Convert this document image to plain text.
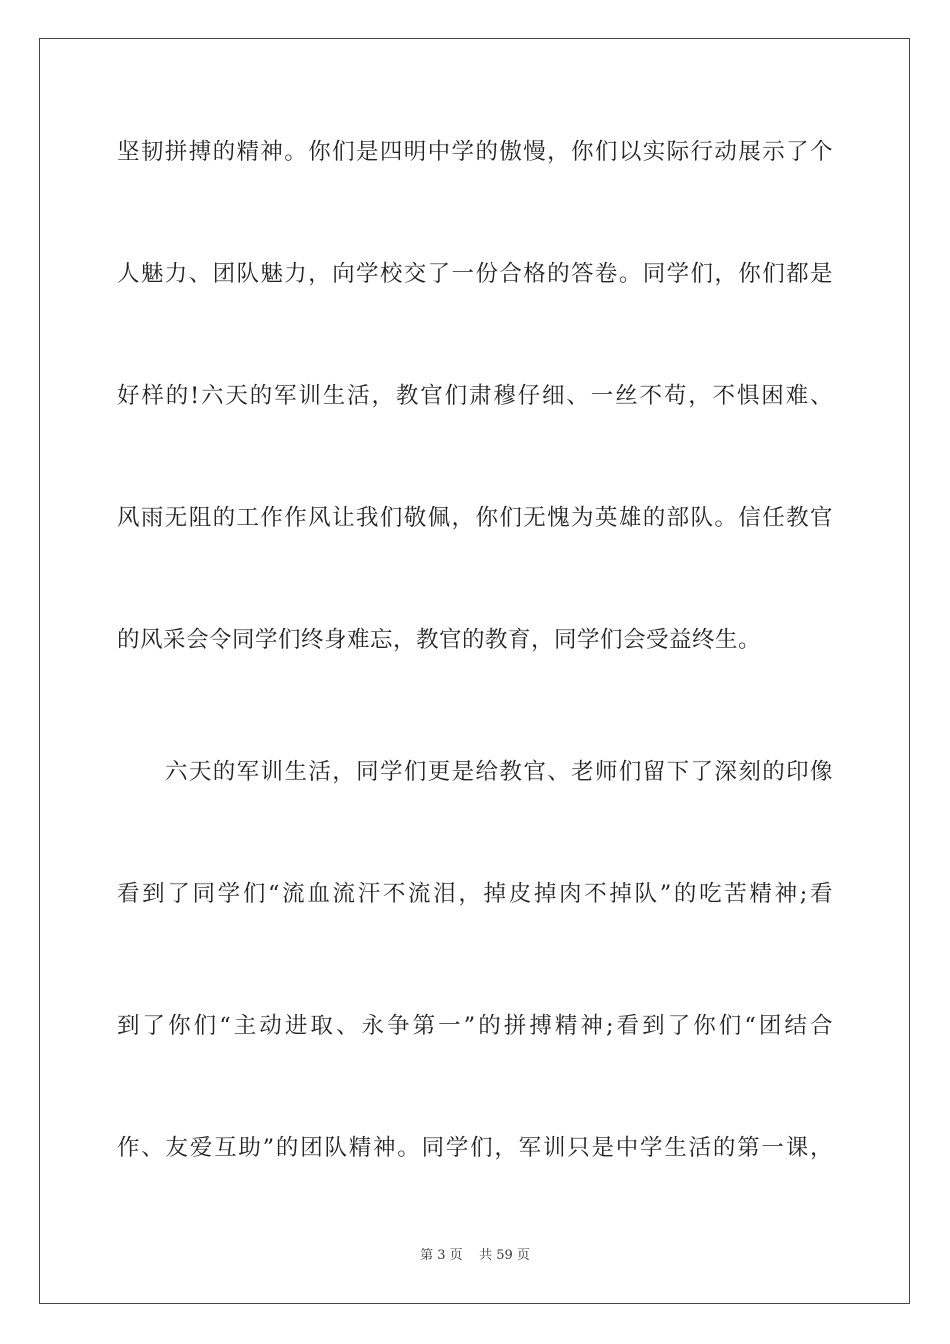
坚韧拼搏的精神。你们是四明中学的傲慢，你们以实际行动展示了个
人魅力、团队魅力，向学校交了一份合格的答卷。同学们，你们都是
好样的!六天的军训生活，教官们肃穆仔细、一丝不苟，不惧困难、
风雨无阻的工作作风让我们敬佩，你们无愧为英雄的部队。信任教官
的风采会令同学们终身难忘，教官的教育，同学们会受益终生。
六天的军训生活，同学们更是给教官、老师们留下了深刻的印像
看到了同学们“流血流汗不流泪，掉皮掉肉不掉队”的吃苦精神;看
到了你们“主动进取、永争第一”的拼搏精神;看到了你们“团结合
作、友爱互助”的团队精神。同学们，军训只是中学生活的第一课，
第 3 页    共 59 页
